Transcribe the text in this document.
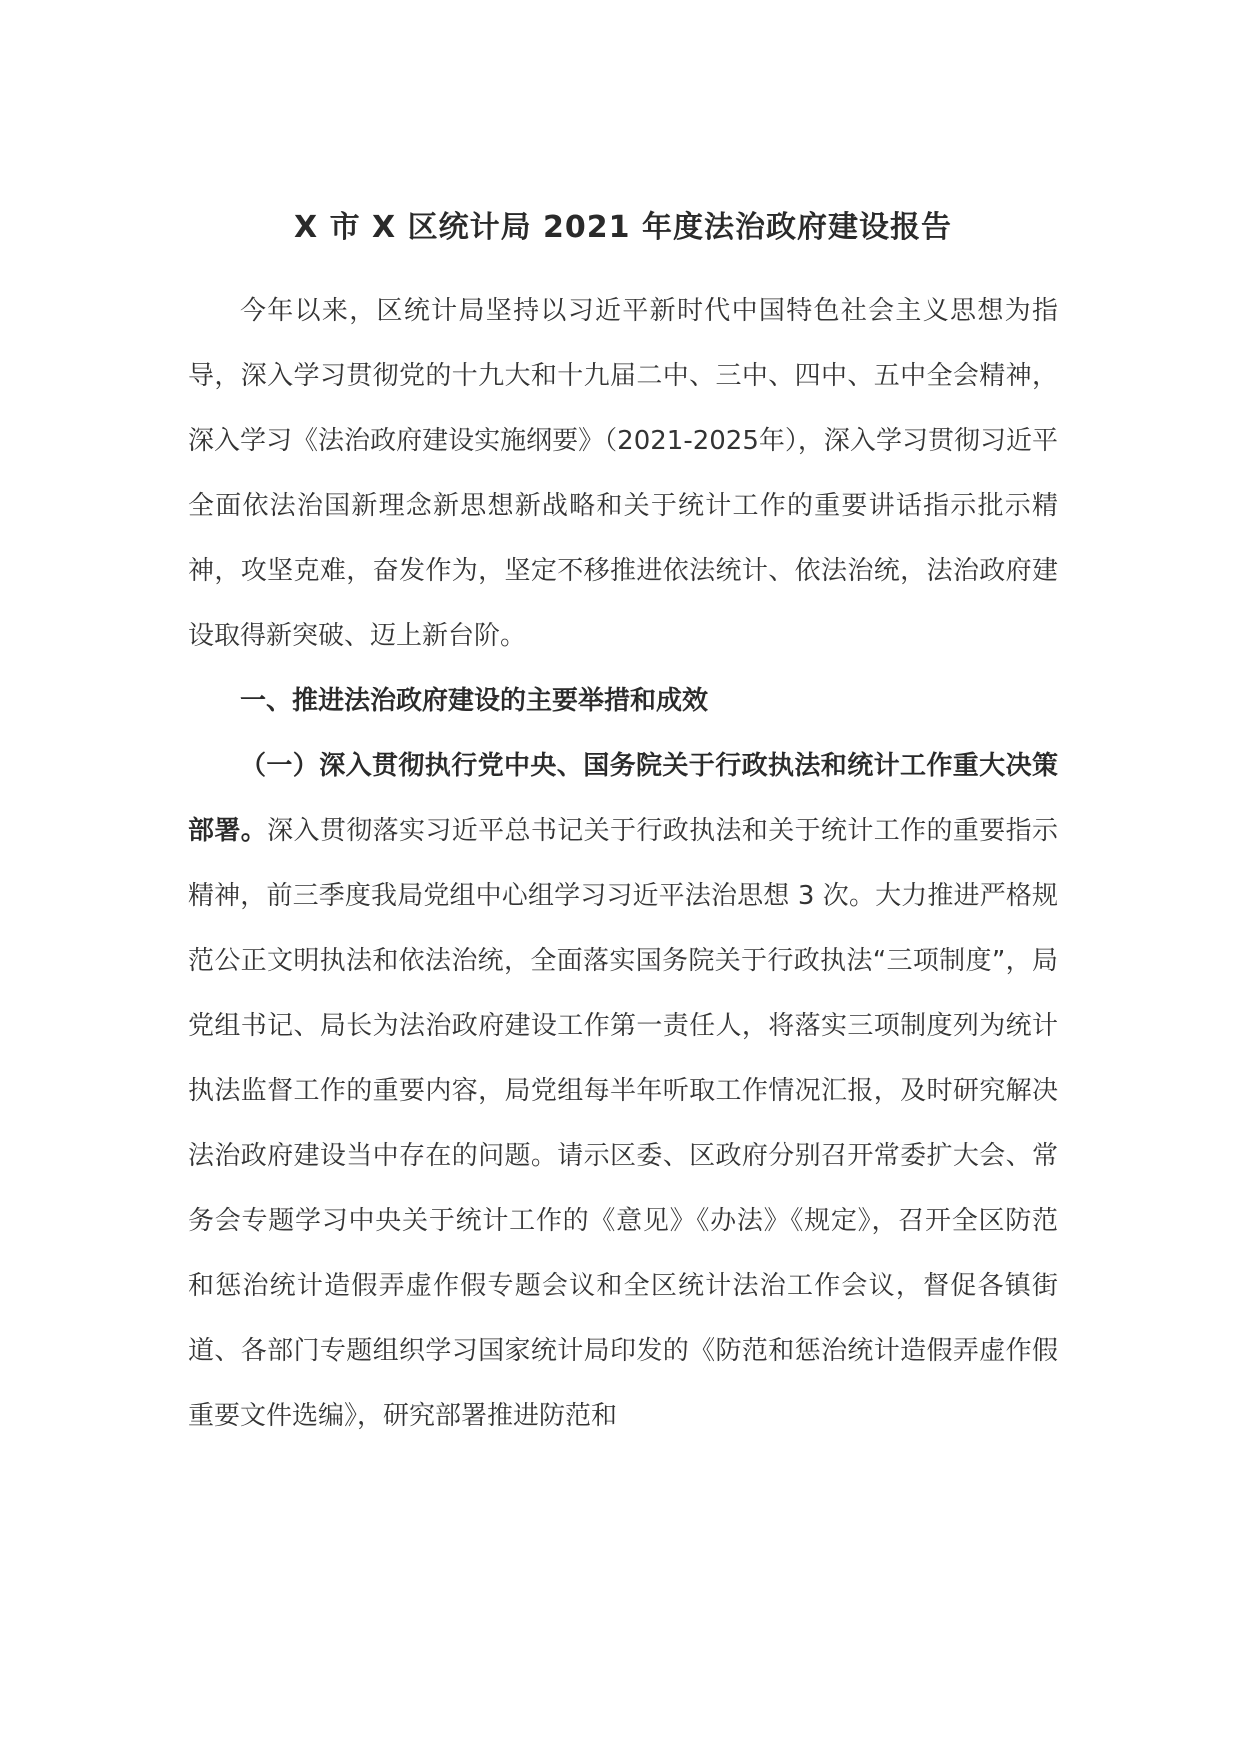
X 市 X 区统计局 2021 年度法治政府建设报告

今年以来，区统计局坚持以习近平新时代中国特色社会主义思想为指导，深入学习贯彻党的十九大和十九届二中、三中、四中、五中全会精神，深入学习《法治政府建设实施纲要》（2021-2025年），深入学习贯彻习近平全面依法治国新理念新思想新战略和关于统计工作的重要讲话指示批示精神，攻坚克难，奋发作为，坚定不移推进依法统计、依法治统，法治政府建设取得新突破、迈上新台阶。

一、推进法治政府建设的主要举措和成效

（一）深入贯彻执行党中央、国务院关于行政执法和统计工作重大决策部署。深入贯彻落实习近平总书记关于行政执法和关于统计工作的重要指示精神，前三季度我局党组中心组学习习近平法治思想 3 次。大力推进严格规范公正文明执法和依法治统，全面落实国务院关于行政执法“三项制度”，局党组书记、局长为法治政府建设工作第一责任人，将落实三项制度列为统计执法监督工作的重要内容，局党组每半年听取工作情况汇报，及时研究解决法治政府建设当中存在的问题。请示区委、区政府分别召开常委扩大会、常务会专题学习中央关于统计工作的《意见》《办法》《规定》，召开全区防范和惩治统计造假弄虚作假专题会议和全区统计法治工作会议，督促各镇街道、各部门专题组织学习国家统计局印发的《防范和惩治统计造假弄虚作假重要文件选编》，研究部署推进防范和
